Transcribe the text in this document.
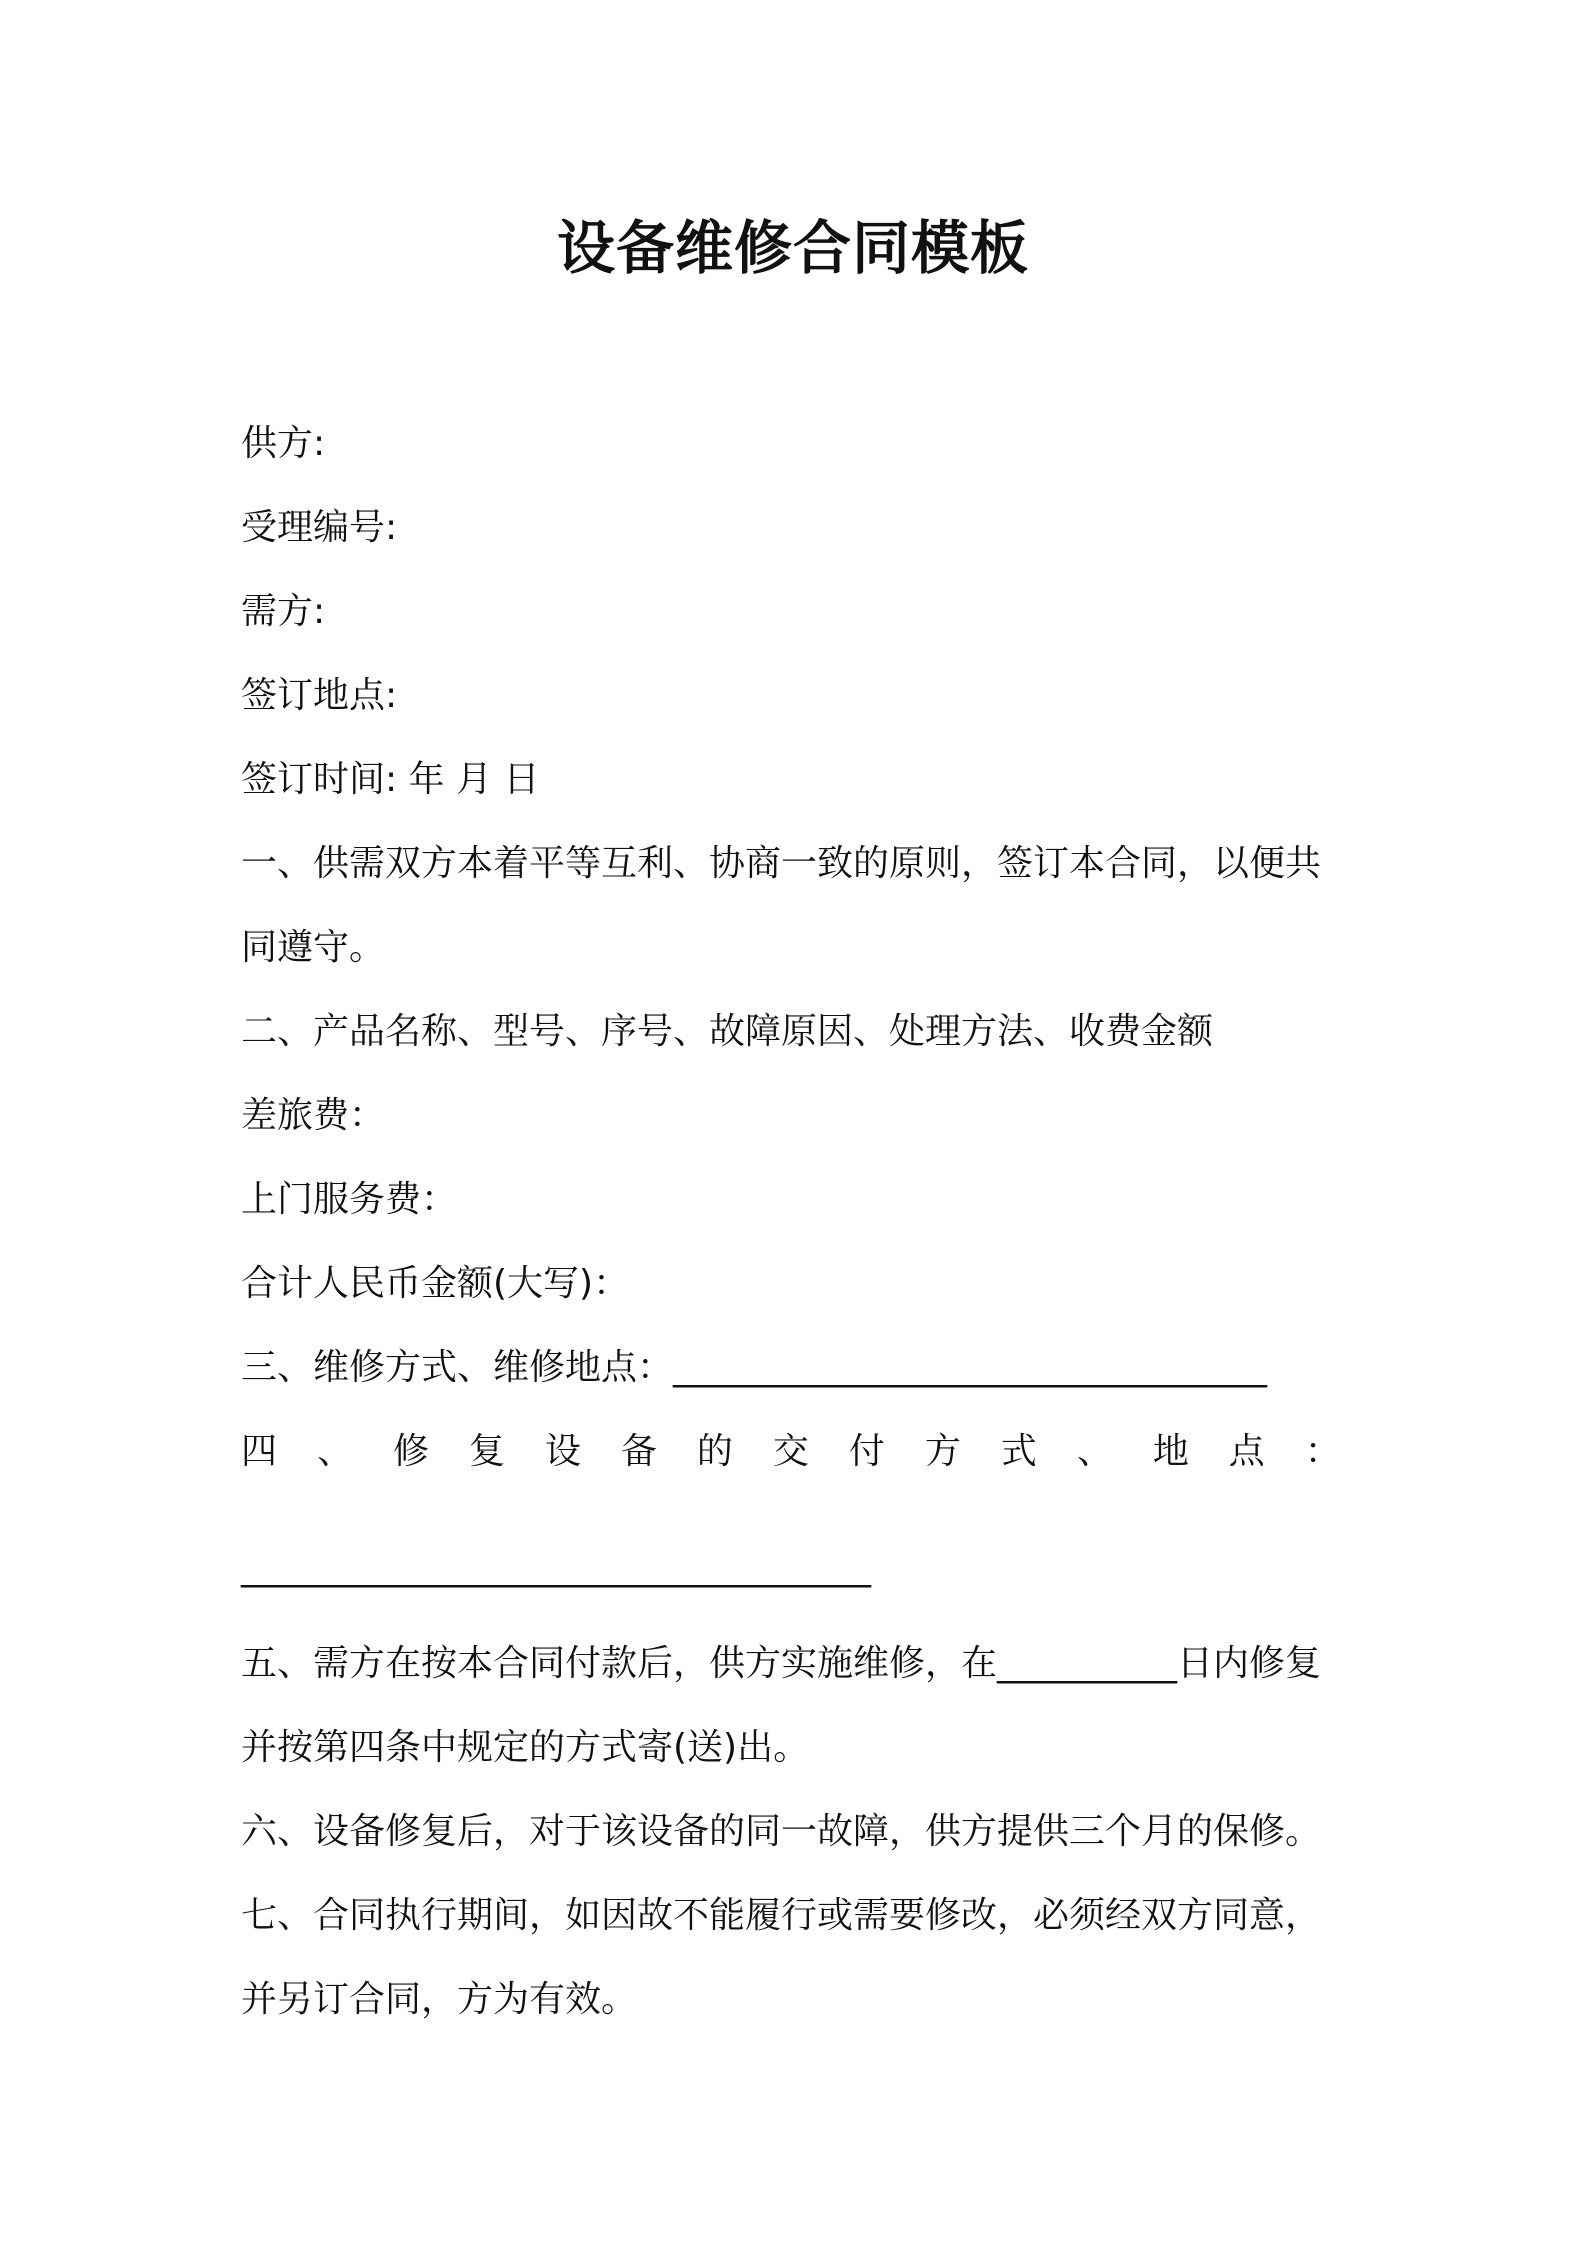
设备维修合同模板
供方:
受理编号:
需方:
签订地点:
签订时间: 年 月 日
一、供需双方本着平等互利、协商一致的原则，签订本合同，以便共
同遵守。
二、产品名称、型号、序号、故障原因、处理方法、收费金额
差旅费：
上门服务费：
合计人民币金额(大写)：
三、维修方式、维修地点：_________________________________
四 、 修 复 设 备 的 交 付 方 式 、 地 点 ：
___________________________________
五、需方在按本合同付款后，供方实施维修，在__________日内修复
并按第四条中规定的方式寄(送)出。
六、设备修复后，对于该设备的同一故障，供方提供三个月的保修。
七、合同执行期间，如因故不能履行或需要修改，必须经双方同意，
并另订合同，方为有效。
